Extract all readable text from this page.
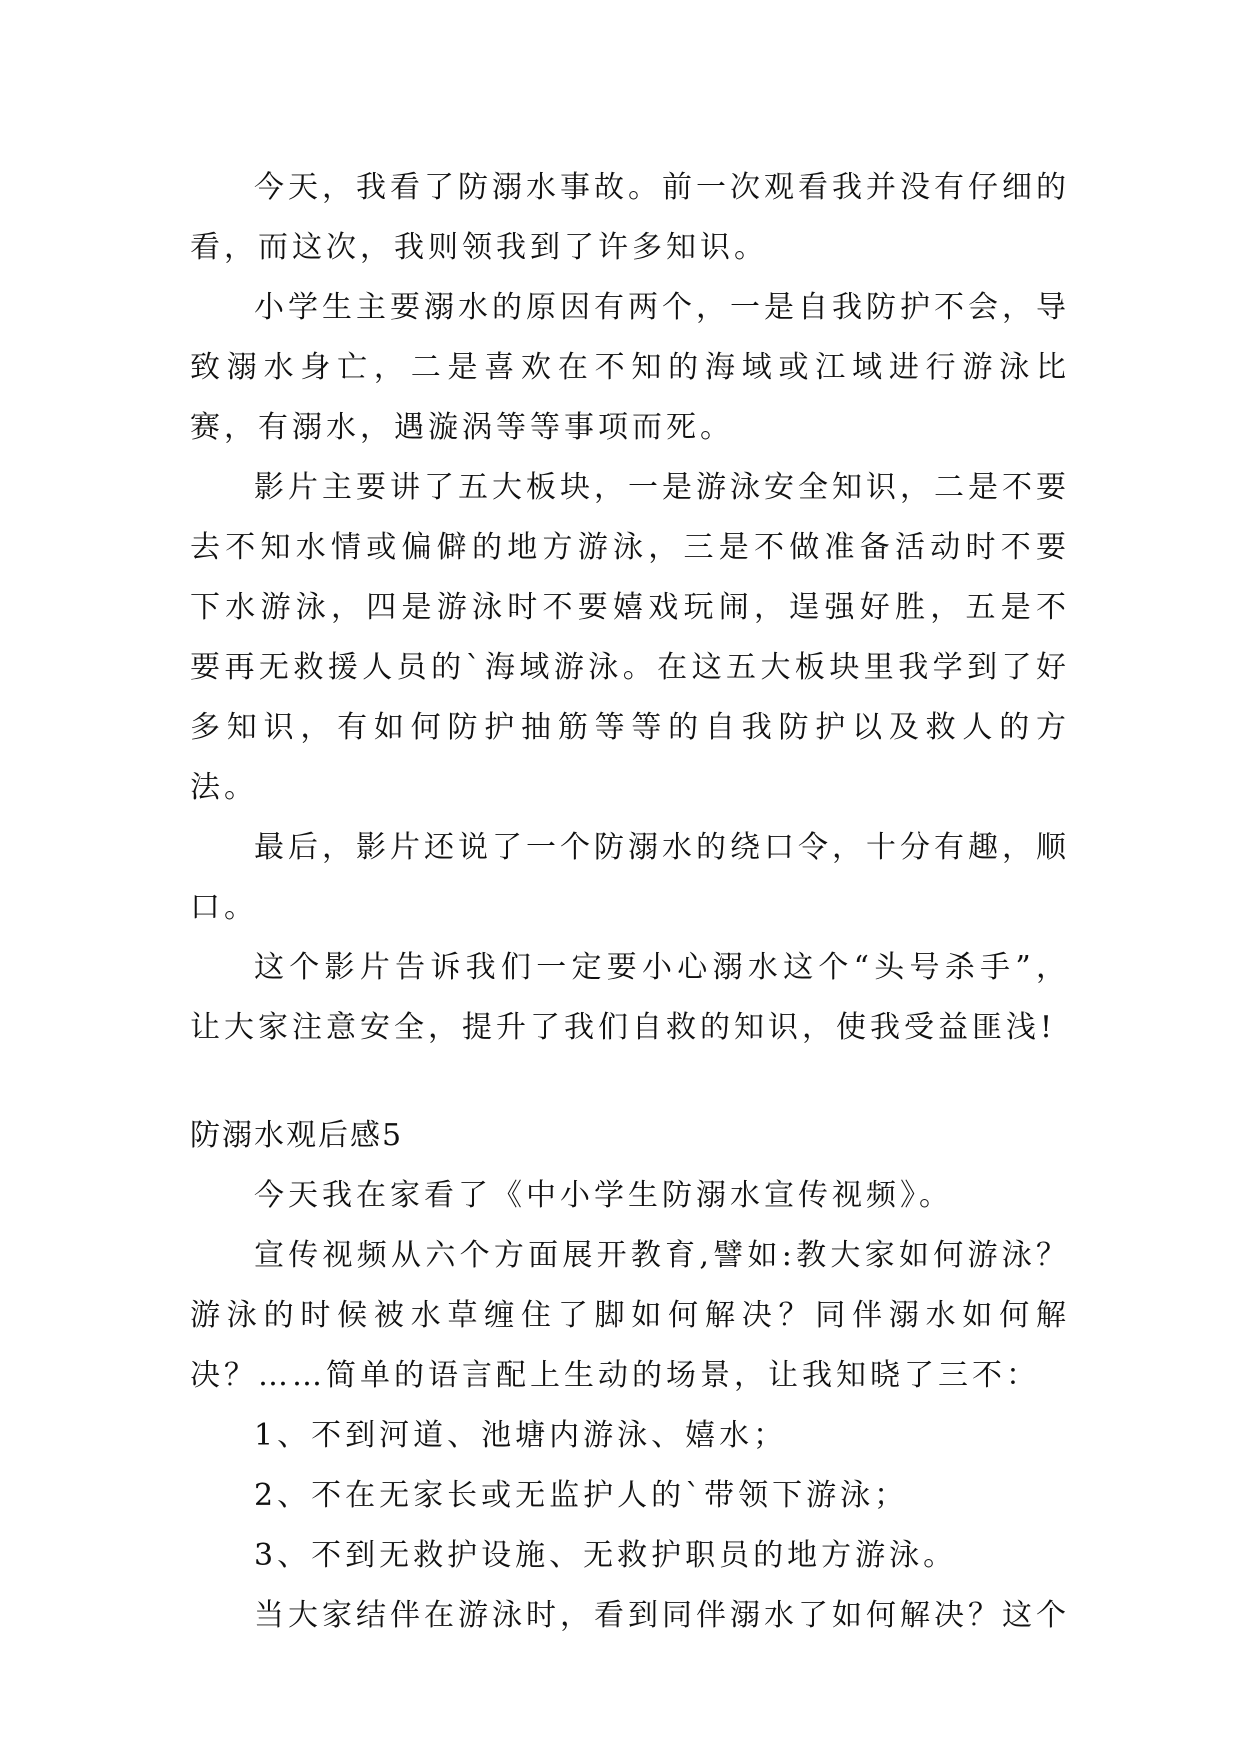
今天，我看了防溺水事故。前一次观看我并没有仔细的看，而这次，我则领我到了许多知识。

小学生主要溺水的原因有两个，一是自我防护不会，导致溺水身亡，二是喜欢在不知的海域或江域进行游泳比赛，有溺水，遇漩涡等等事项而死。

影片主要讲了五大板块，一是游泳安全知识，二是不要去不知水情或偏僻的地方游泳，三是不做准备活动时不要下水游泳，四是游泳时不要嬉戏玩闹，逞强好胜，五是不要再无救援人员的`海域游泳。在这五大板块里我学到了好多知识，有如何防护抽筋等等的自我防护以及救人的方法。

最后，影片还说了一个防溺水的绕口令，十分有趣，顺口。

这个影片告诉我们一定要小心溺水这个“头号杀手”，让大家注意安全，提升了我们自救的知识，使我受益匪浅!

防溺水观后感5

今天我在家看了《中小学生防溺水宣传视频》。

宣传视频从六个方面展开教育,譬如:教大家如何游泳？游泳的时候被水草缠住了脚如何解决？同伴溺水如何解决？……简单的语言配上生动的场景，让我知晓了三不：

1、不到河道、池塘内游泳、嬉水；

2、不在无家长或无监护人的`带领下游泳；

3、不到无救护设施、无救护职员的地方游泳。

当大家结伴在游泳时，看到同伴溺水了如何解决？这个
